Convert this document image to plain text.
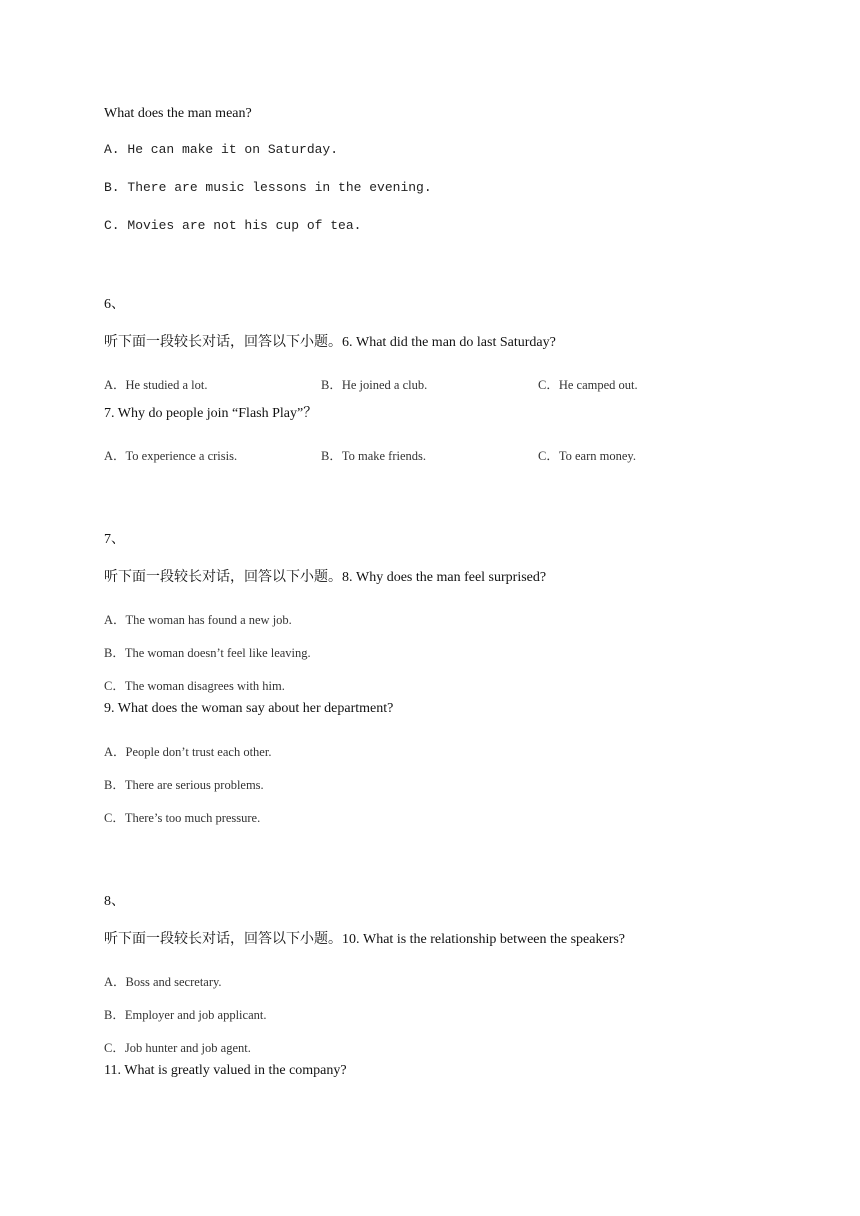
What does the man mean?
A. He can make it on Saturday.
B. There are music lessons in the evening.
C. Movies are not his cup of tea.
6、
听下面一段较长对话，回答以下小题。6. What did the man do last Saturday?
A．He studied a lot.	B．He joined a club.	C．He camped out.
7. Why do people join “Flash Play”？
A．To experience a crisis.	B．To make friends.	C．To earn money.
7、
听下面一段较长对话，回答以下小题。8. Why does the man feel surprised?
A．The woman has found a new job.
B．The woman doesn’t feel like leaving.
C．The woman disagrees with him.
9. What does the woman say about her department?
A．People don’t trust each other.
B．There are serious problems.
C．There’s too much pressure.
8、
听下面一段较长对话，回答以下小题。10. What is the relationship between the speakers?
A．Boss and secretary.
B．Employer and job applicant.
C．Job hunter and job agent.
11. What is greatly valued in the company?
